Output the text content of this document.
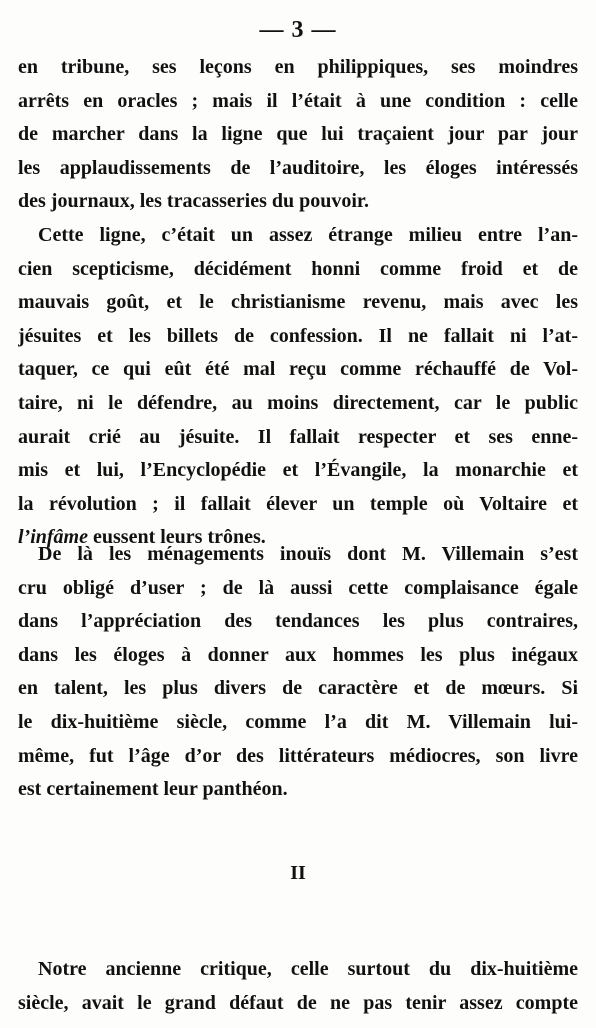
— 3 —
en tribune, ses leçons en philippiques, ses moindres
arrêts en oracles ; mais il l’était à une condition : celle
de marcher dans la ligne que lui traçaient jour par jour
les applaudissements de l’auditoire, les éloges intéressés
des journaux, les tracasseries du pouvoir.
Cette ligne, c’était un assez étrange milieu entre l’an-
cien scepticisme, décidément honni comme froid et de
mauvais goût, et le christianisme revenu, mais avec les
jésuites et les billets de confession. Il ne fallait ni l’at-
taquer, ce qui eût été mal reçu comme réchauffé de Vol-
taire, ni le défendre, au moins directement, car le public
aurait crié au jésuite. Il fallait respecter et ses enne-
mis et lui, l’Encyclopédie et l’Évangile, la monarchie et
la révolution ; il fallait élever un temple où Voltaire et
l’infâme eussent leurs trônes.
De là les ménagements inouïs dont M. Villemain s’est
cru obligé d’user ; de là aussi cette complaisance égale
dans l’appréciation des tendances les plus contraires,
dans les éloges à donner aux hommes les plus inégaux
en talent, les plus divers de caractère et de mœurs. Si
le dix-huitième siècle, comme l’a dit M. Villemain lui-
même, fut l’âge d’or des littérateurs médiocres, son livre
est certainement leur panthéon.
II
Notre ancienne critique, celle surtout du dix-huitième
siècle, avait le grand défaut de ne pas tenir assez compte
